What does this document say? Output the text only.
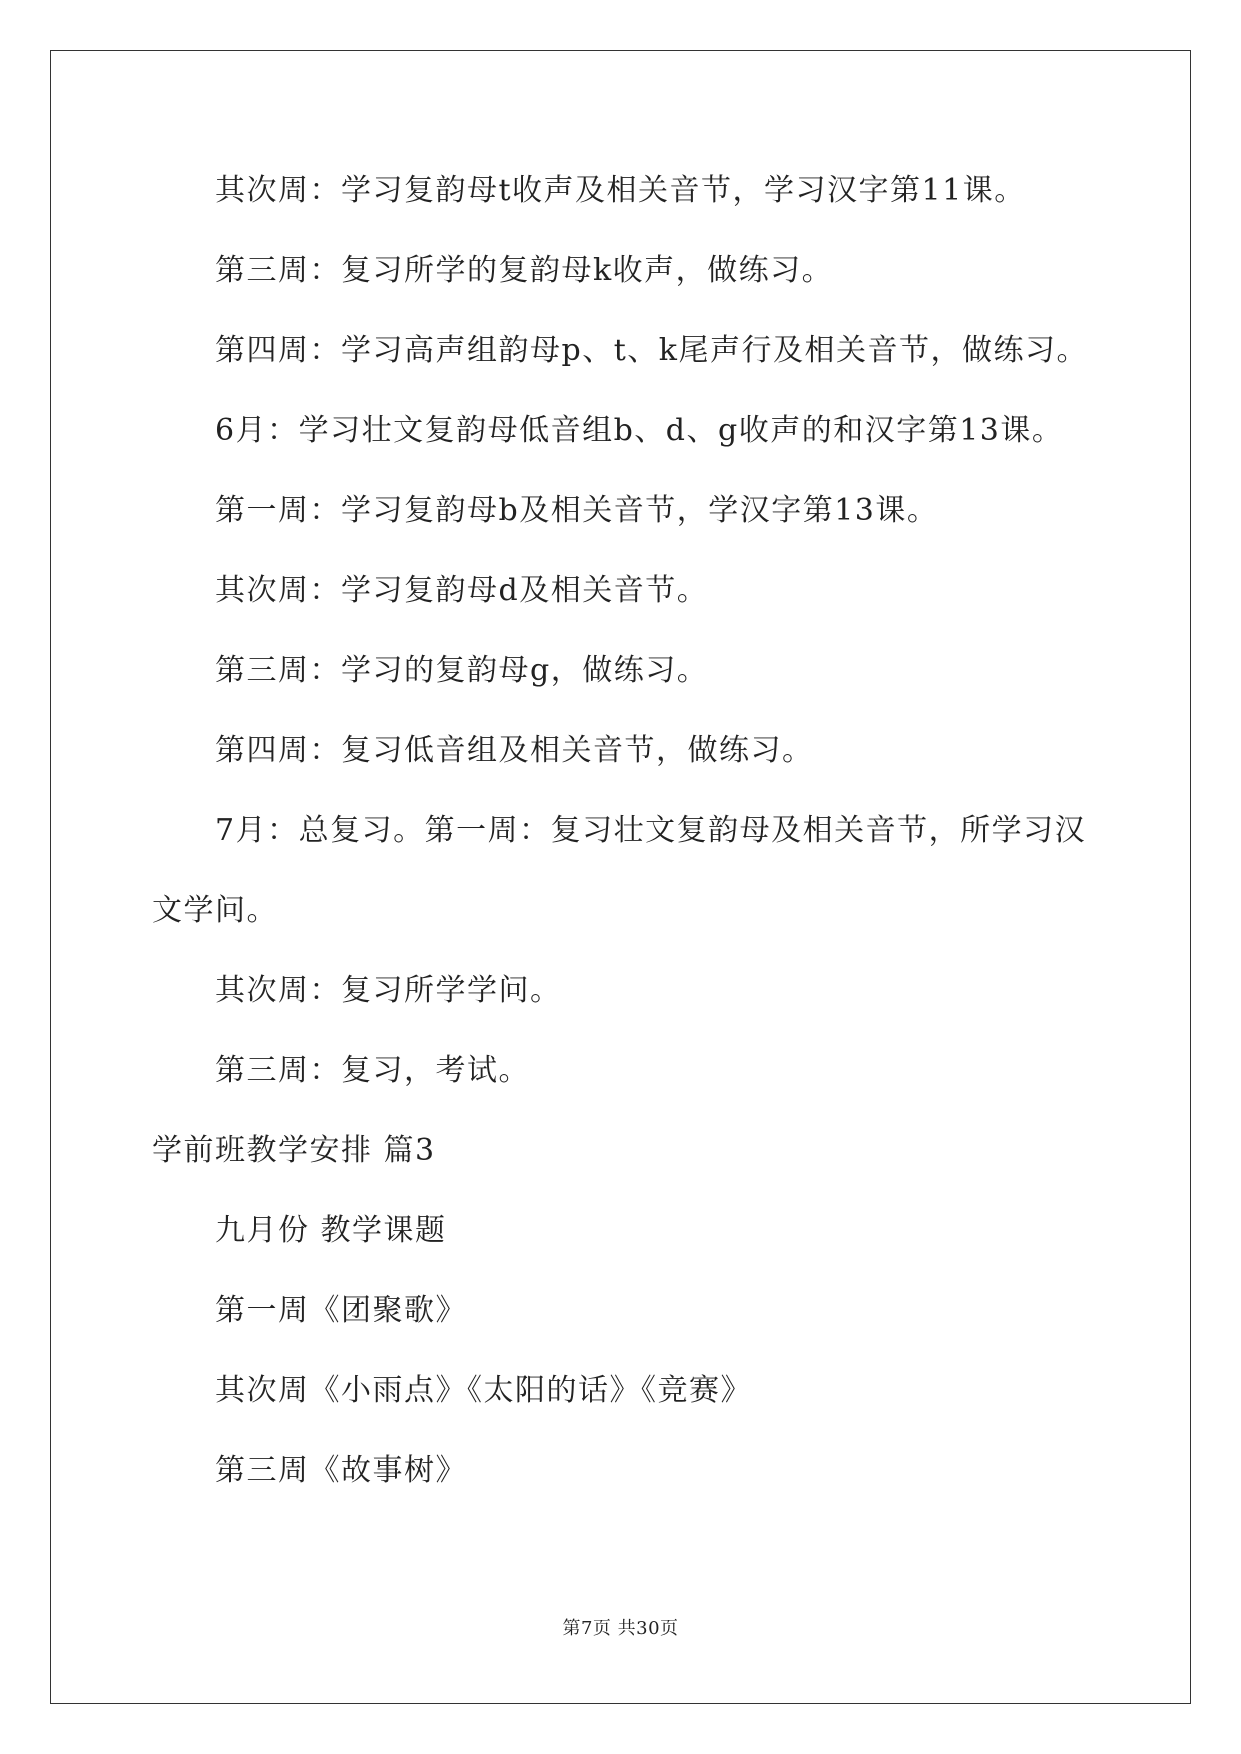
其次周：学习复韵母t收声及相关音节，学习汉字第11课。
第三周：复习所学的复韵母k收声，做练习。
第四周：学习高声组韵母p、t、k尾声行及相关音节，做练习。
6月：学习壮文复韵母低音组b、d、g收声的和汉字第13课。
第一周：学习复韵母b及相关音节，学汉字第13课。
其次周：学习复韵母d及相关音节。
第三周：学习的复韵母g，做练习。
第四周：复习低音组及相关音节，做练习。
7月：总复习。第一周：复习壮文复韵母及相关音节，所学习汉
文学问。
其次周：复习所学学问。
第三周：复习，考试。
学前班教学安排 篇3
九月份 教学课题
第一周《团聚歌》
其次周《小雨点》《太阳的话》《竞赛》
第三周《故事树》
第7页 共30页
